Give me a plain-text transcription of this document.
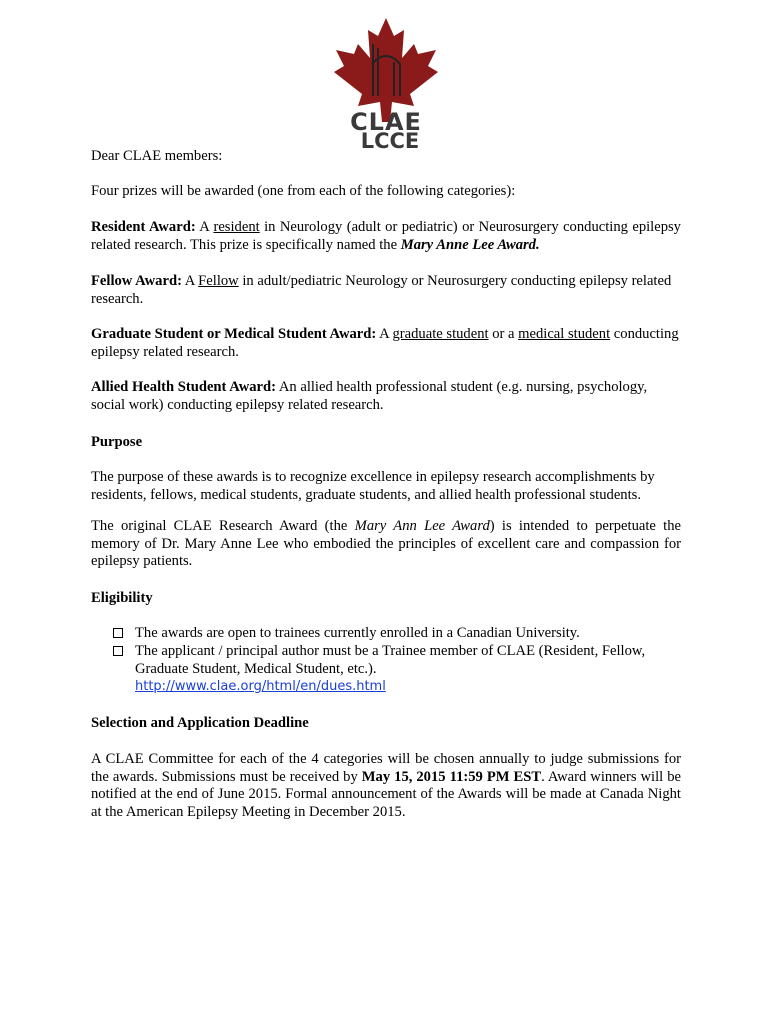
CLAE
LCCE
Dear CLAE members:
Four prizes will be awarded (one from each of the following categories):
Resident Award: A resident in Neurology (adult or pediatric) or Neurosurgery conducting epilepsy related research. This prize is specifically named the Mary Anne Lee Award.
Fellow Award: A Fellow in adult/pediatric Neurology or Neurosurgery conducting epilepsy related research.
Graduate Student or Medical Student Award: A graduate student or a medical student conducting epilepsy related research.
Allied Health Student Award: An allied health professional student (e.g. nursing, psychology, social work) conducting epilepsy related research.
Purpose
The purpose of these awards is to recognize excellence in epilepsy research accomplishments by residents, fellows, medical students, graduate students, and allied health professional students.
The original CLAE Research Award (the Mary Ann Lee Award) is intended to perpetuate the memory of Dr. Mary Anne Lee who embodied the principles of excellent care and compassion for epilepsy patients.
Eligibility
The awards are open to trainees currently enrolled in a Canadian University.
The applicant / principal author must be a Trainee member of CLAE (Resident, Fellow, Graduate Student, Medical Student, etc.).
http://www.clae.org/html/en/dues.html
Selection and Application Deadline
A CLAE Committee for each of the 4 categories will be chosen annually to judge submissions for the awards. Submissions must be received by May 15, 2015 11:59 PM EST. Award winners will be notified at the end of June 2015. Formal announcement of the Awards will be made at Canada Night at the American Epilepsy Meeting in December 2015.
